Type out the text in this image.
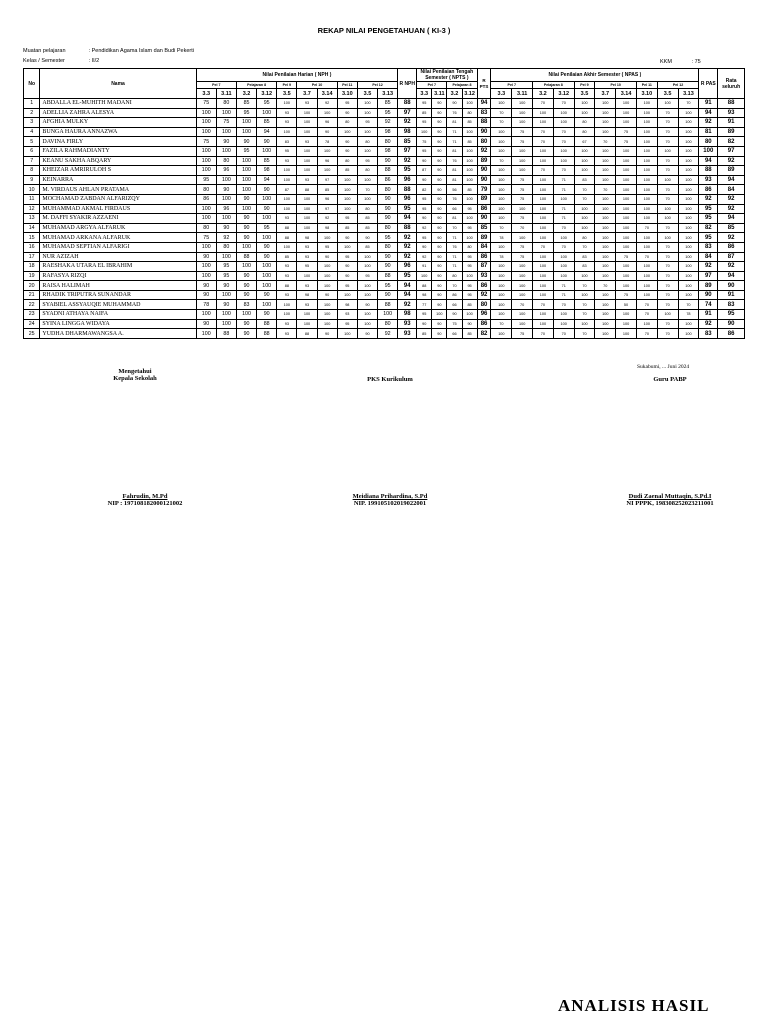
REKAP NILAI PENGETAHUAN ( KI-3 )
Muatan pelajaran	: Pendidikan Agama Islam dan Budi Pekerti
Kelas / Semester	: II/2	KKM	: 75
No	Nama	Nilai Penilaian Harian ( NPH )										R NPH	Nilai Penilaian Tengah Semester ( NPTS )				R PTS	Nilai Penilaian Akhir Semester ( NPAS )										R PAS	Rata seluruh
		Pel 7		Pelajaran 8		Pel 9	Pel 10		Pel 11	Pel 12			Pel 7		Pelajaran 8			Pel 7		Pelajaran 8		Pel 9	Pel 10		Pel 11	Pel 12			
		3.3	3.11	3.2	3.12	3.5	3.7	3.14	3.10	3.5	3.13		3.3	3.11	3.2	3.12		3.3	3.11	3.2	3.12	3.5	3.7	3.14	3.10	3.5	3.13		
1	ABDALLA EL-MUHITH MADANI	75	80	85	95	100	93	92	95	100	85	88	95	90	90	100	94	100	100	70	70	100	100	100	100	100	70	91	88
2	ADELLIA ZAHRA ALESYA	100	100	95	100	93	100	100	90	100	95	97	85	90	76	80	83	70	100	100	100	100	100	100	100	70	100	94	93
3	AFGHIA MULKY	100	75	100	85	93	100	96	80	95	92	92	95	90	81	85	88	70	100	100	100	80	100	100	100	70	100	92	91
4	BUNGA HAURA ANNAZWA	100	100	100	94	100	100	90	100	100	98	98	100	90	71	100	90	100	75	70	70	80	100	75	100	70	100	81	89
5	DAVINA FIRLY	75	90	90	90	83	93	78	90	80	80	85	75	90	71	85	80	100	75	70	70	67	70	75	100	70	100	80	82
6	FAZILA RAHMADIANTY	100	100	95	100	95	100	100	90	100	98	97	95	90	81	100	92	100	100	100	100	100	100	100	100	100	100	100	97
7	KEANU SAKHA ABQARY	100	80	100	85	93	100	96	80	95	90	92	90	90	76	100	89	70	100	100	100	100	100	100	100	70	100	94	92
8	KHEIZAR AMRIRULOH S	100	96	100	98	100	100	100	85	80	88	95	87	90	81	100	90	100	100	70	70	100	100	100	100	70	100	88	89
9	KEINARRA	95	100	100	94	100	93	97	100	100	86	96	90	90	81	100	90	100	75	100	71	83	100	100	100	100	100	93	94
10	M. VIRDAUS AHLAN PRATAMA	80	90	100	90	87	88	85	100	70	80	88	82	90	56	85	79	100	75	100	71	70	70	100	100	70	100	86	84
11	MOCHAMAD ZABDAN ALFARIZQY	86	100	90	100	100	100	96	100	100	90	96	95	90	76	100	89	100	75	100	100	70	100	100	100	70	100	92	92
12	MUHAMMAD AKMAL FIRDAUS	100	96	100	90	100	100	97	100	80	90	95	95	90	66	95	86	100	100	100	71	100	100	100	100	100	100	95	92
13	M. DAFFI SYAKIR AZZAENI	100	100	90	100	93	100	92	95	85	90	94	90	90	81	100	90	100	75	100	71	100	100	100	100	100	100	95	94
14	MUHAMAD ARGYA ALFARUK	80	90	90	95	88	100	98	85	85	80	88	92	90	70	95	85	70	70	100	70	100	100	100	70	70	100	82	85
15	MUHAMAD ARKANA ALFARUK	75	92	90	100	88	98	100	90	90	95	92	95	90	71	100	89	78	100	100	100	80	100	100	100	100	100	95	92
16	MUHAMAD SEPTIAN ALFARIGI	100	80	100	90	100	93	95	100	85	80	92	90	90	76	80	84	100	75	70	70	70	100	100	100	70	100	83	86
17	NUR AZIZAH	90	100	88	90	85	93	90	95	100	90	92	92	90	71	95	86	78	75	100	100	83	100	75	70	70	100	84	87
18	RAESHAKA UTARA EL IBRAHIM	100	95	100	100	93	95	100	90	100	90	96	91	90	71	95	87	100	100	100	100	83	100	100	100	70	100	92	92
19	RAFASYA RIZQI	100	95	90	100	93	100	100	90	95	88	95	100	90	80	100	93	100	100	100	100	100	100	100	100	70	100	97	94
20	RAISA HALIMAH	90	90	90	100	88	93	100	95	100	95	94	88	90	70	95	86	100	100	100	71	70	70	100	100	70	100	89	90
21	RHADIK TRIPUTRA SUNANDAR	90	100	90	90	93	98	90	100	100	90	94	98	90	86	95	92	100	100	100	71	100	100	75	100	70	100	90	91
22	SYABIEL ASSYAUQIE MUHAMMAD	78	90	83	100	100	93	100	98	90	88	92	77	90	66	85	80	100	70	70	70	70	100	50	70	70	70	74	83
23	SYADNI ATHAYA NAIFA	100	100	100	90	100	100	100	93	100	100	98	95	100	90	100	96	100	100	100	100	70	100	100	70	100	78	91	95
24	SYINA LINGGA WIDAYA	90	100	90	88	93	100	100	95	100	80	93	90	90	75	90	86	70	100	100	100	100	100	100	100	70	100	92	90
25	YUDHA DHARMAWANGSA A.	100	88	90	88	93	88	90	100	90	92	93	85	90	66	85	82	100	75	70	70	70	100	100	70	70	100	83	86
Sukabumi, ... Juni 2024
Mengetahui
Kepala Sekolah	PKS Kurikulum	Guru PABP
Fahrudin, M.Pd
NIP : 197108182000121002
Meidiana Prihardina, S.Pd
NIP. 199105102019022001
Dudi Zaenal Muttaqin, S.Pd.I
NI PPPK, 198308252023211001
ANALISIS HASIL
